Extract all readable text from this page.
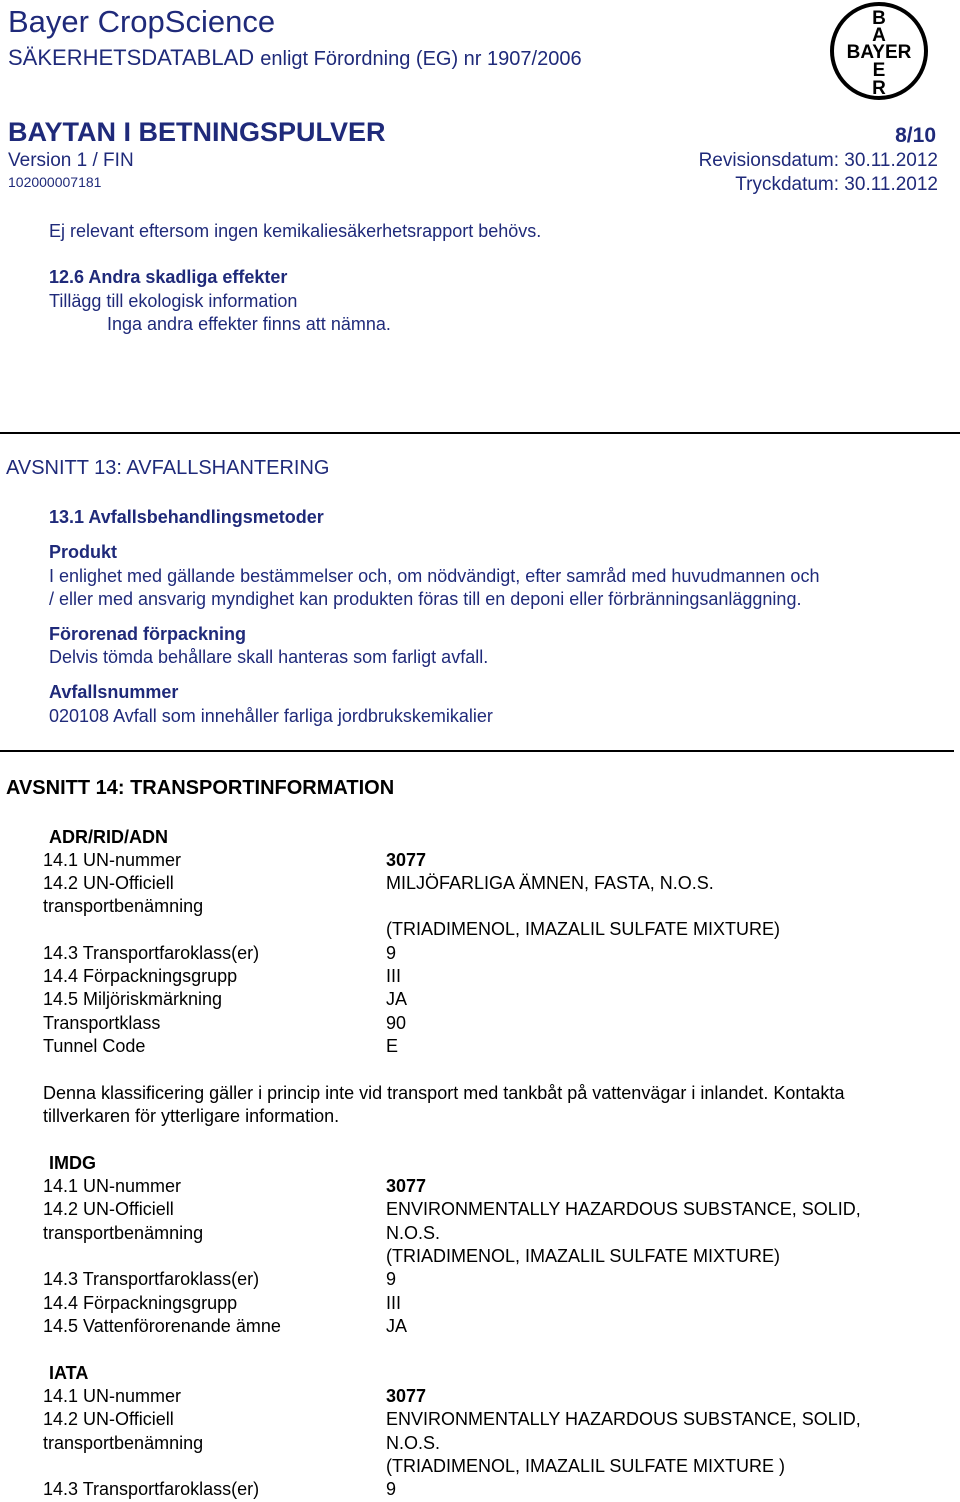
Bayer CropScience
SÄKERHETSDATABLAD enligt Förordning (EG) nr 1907/2006
B
A
BAYER
E
R
BAYTAN I BETNINGSPULVER	8/10
Version 1 / FIN	Revisionsdatum: 30.11.2012
102000007181	Tryckdatum: 30.11.2012
Ej relevant eftersom ingen kemikaliesäkerhetsrapport behövs.
12.6 Andra skadliga effekter
Tillägg till ekologisk information
Inga andra effekter finns att nämna.
AVSNITT 13: AVFALLSHANTERING
13.1 Avfallsbehandlingsmetoder
Produkt
I enlighet med gällande bestämmelser och, om nödvändigt, efter samråd med huvudmannen och
/ eller med ansvarig myndighet kan produkten föras till en deponi eller förbränningsanläggning.
Förorenad förpackning
Delvis tömda behållare skall hanteras som farligt avfall.
Avfallsnummer
020108 Avfall som innehåller farliga jordbrukskemikalier
AVSNITT 14: TRANSPORTINFORMATION
ADR/RID/ADN
14.1 UN-nummer	3077
14.2 UN-Officiell	MILJÖFARLIGA ÄMNEN, FASTA, N.O.S.
transportbenämning
(TRIADIMENOL, IMAZALIL SULFATE MIXTURE)
14.3 Transportfaroklass(er)	9
14.4 Förpackningsgrupp	III
14.5 Miljöriskmärkning	JA
Transportklass	90
Tunnel Code	E
Denna klassificering gäller i princip inte vid transport med tankbåt på vattenvägar i inlandet. Kontakta
tillverkaren för ytterligare information.
IMDG
14.1 UN-nummer	3077
14.2 UN-Officiell	ENVIRONMENTALLY HAZARDOUS SUBSTANCE, SOLID,
transportbenämning	N.O.S.
(TRIADIMENOL, IMAZALIL SULFATE MIXTURE)
14.3 Transportfaroklass(er)	9
14.4 Förpackningsgrupp	III
14.5 Vattenförorenande ämne	JA
IATA
14.1 UN-nummer	3077
14.2 UN-Officiell	ENVIRONMENTALLY HAZARDOUS SUBSTANCE, SOLID,
transportbenämning	N.O.S.
(TRIADIMENOL, IMAZALIL SULFATE MIXTURE )
14.3 Transportfaroklass(er)	9
